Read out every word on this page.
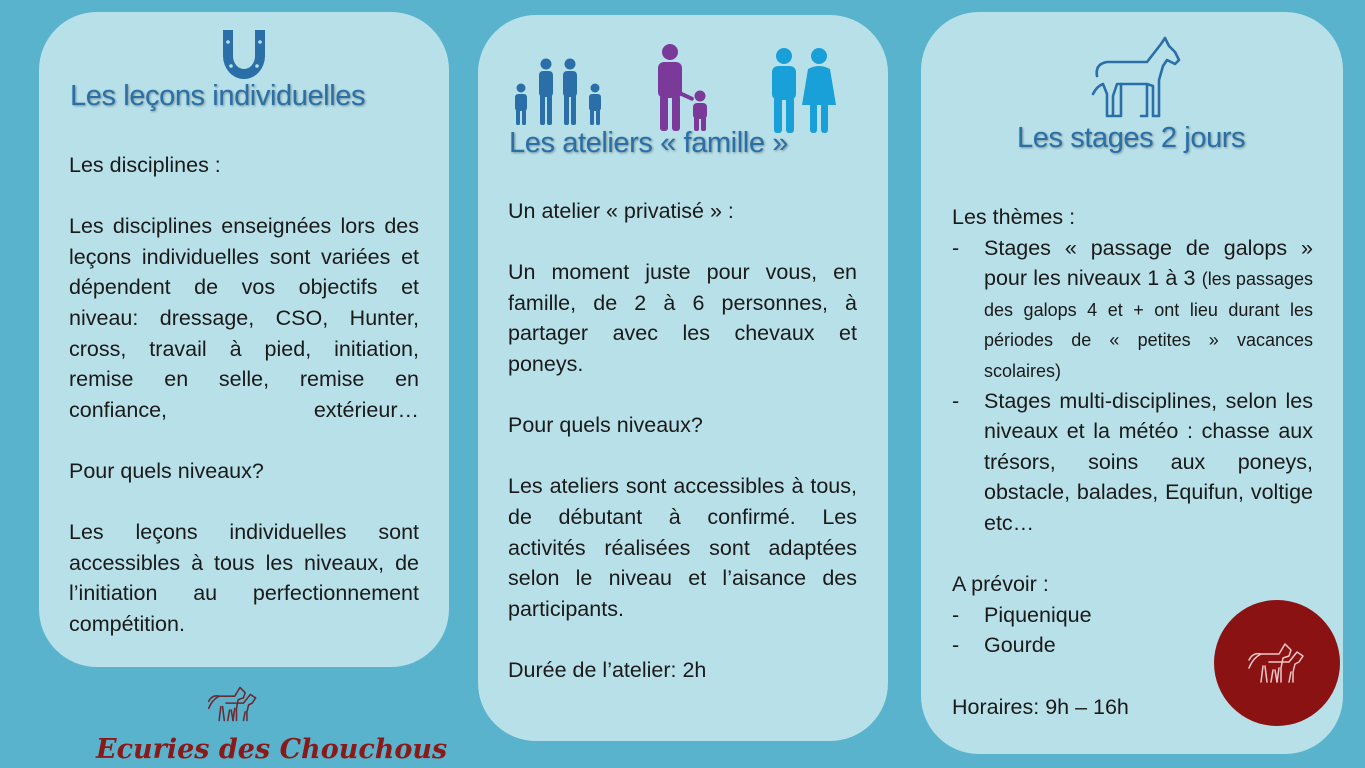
Les leçons individuelles

Les disciplines :

Les disciplines enseignées lors des leçons individuelles sont variées et dépendent de vos objectifs et niveau: dressage, CSO, Hunter, cross, travail à pied, initiation, remise en selle, remise en confiance, extérieur…

Pour quels niveaux?

Les leçons individuelles sont accessibles à tous les niveaux, de l’initiation au perfectionnement compétition.

Les ateliers « famille »

Un atelier « privatisé » :

Un moment juste pour vous, en famille, de 2 à 6 personnes, à partager avec les chevaux et poneys.

Pour quels niveaux?

Les ateliers sont accessibles à tous, de débutant à confirmé. Les activités réalisées sont adaptées selon le niveau et l’aisance des participants.

Durée de l’atelier: 2h

Les stages 2 jours

Les thèmes :

-	Stages « passage de galops » pour les niveaux 1 à 3 (les passages des galops 4 et + ont lieu durant les périodes de « petites » vacances scolaires)
-	Stages multi-disciplines, selon les niveaux et la météo : chasse aux trésors, soins aux poneys, obstacle, balades, Equifun, voltige etc…

A prévoir :

-	Piquenique
-	Gourde

Horaires: 9h – 16h

Ecuries des Chouchous
